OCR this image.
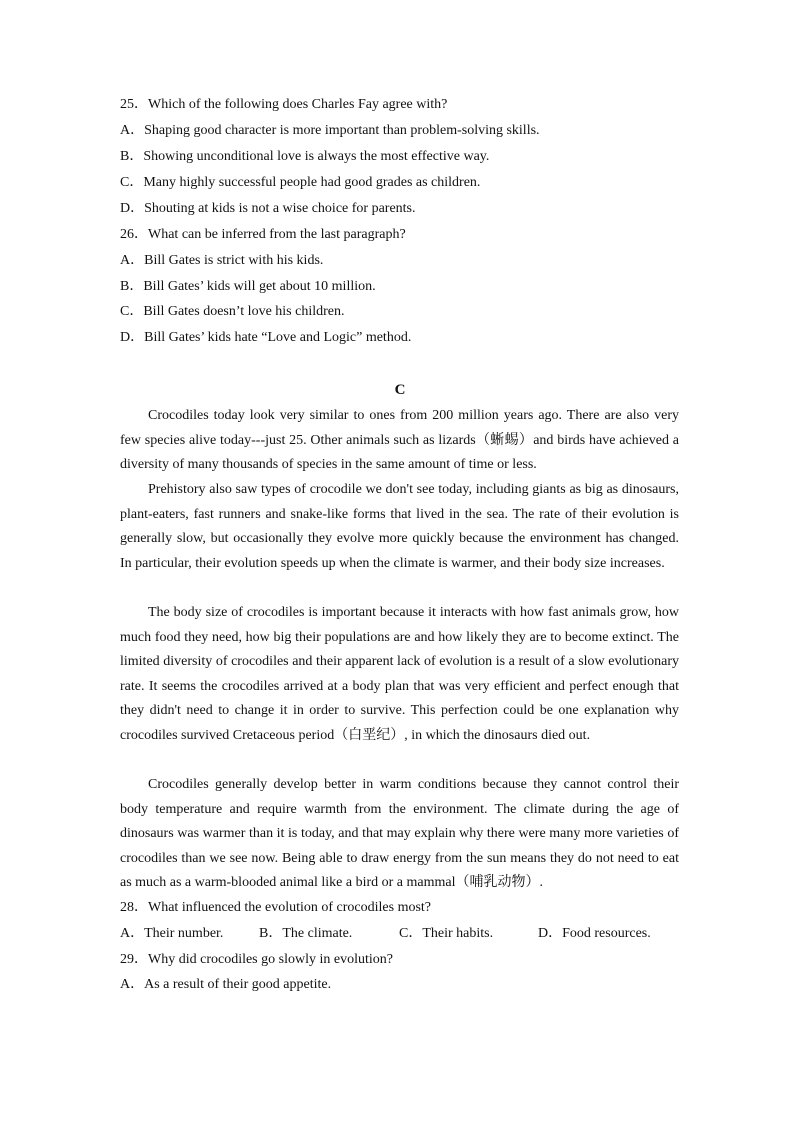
25．Which of the following does Charles Fay agree with?
A．Shaping good character is more important than problem-solving skills.
B．Showing unconditional love is always the most effective way.
C．Many highly successful people had good grades as children.
D．Shouting at kids is not a wise choice for parents.
26．What can be inferred from the last paragraph?
A．Bill Gates is strict with his kids.
B．Bill Gates’ kids will get about 10 million.
C．Bill Gates doesn’t love his children.
D．Bill Gates’ kids hate “Love and Logic” method.
C
Crocodiles today look very similar to ones from 200 million years ago. There are also very few species alive today---just 25. Other animals such as lizards（蜥蜴）and birds have achieved a diversity of many thousands of species in the same amount of time or less.
Prehistory also saw types of crocodile we don't see today, including giants as big as dinosaurs, plant-eaters, fast runners and snake-like forms that lived in the sea. The rate of their evolution is generally slow, but occasionally they evolve more quickly because the environment has changed. In particular, their evolution speeds up when the climate is warmer, and their body size increases.
The body size of crocodiles is important because it interacts with how fast animals grow, how much food they need, how big their populations are and how likely they are to become extinct. The limited diversity of crocodiles and their apparent lack of evolution is a result of a slow evolutionary rate. It seems the crocodiles arrived at a body plan that was very efficient and perfect enough that they didn't need to change it in order to survive. This perfection could be one explanation why crocodiles survived Cretaceous period（白垩纪）, in which the dinosaurs died out.
Crocodiles generally develop better in warm conditions because they cannot control their body temperature and require warmth from the environment. The climate during the age of dinosaurs was warmer than it is today, and that may explain why there were many more varieties of crocodiles than we see now. Being able to draw energy from the sun means they do not need to eat as much as a warm-blooded animal like a bird or a mammal（哺乳动物）.
28．What influenced the evolution of crocodiles most?
A．Their number.	B．The climate.	C．Their habits.	D．Food resources.
29．Why did crocodiles go slowly in evolution?
A．As a result of their good appetite.
